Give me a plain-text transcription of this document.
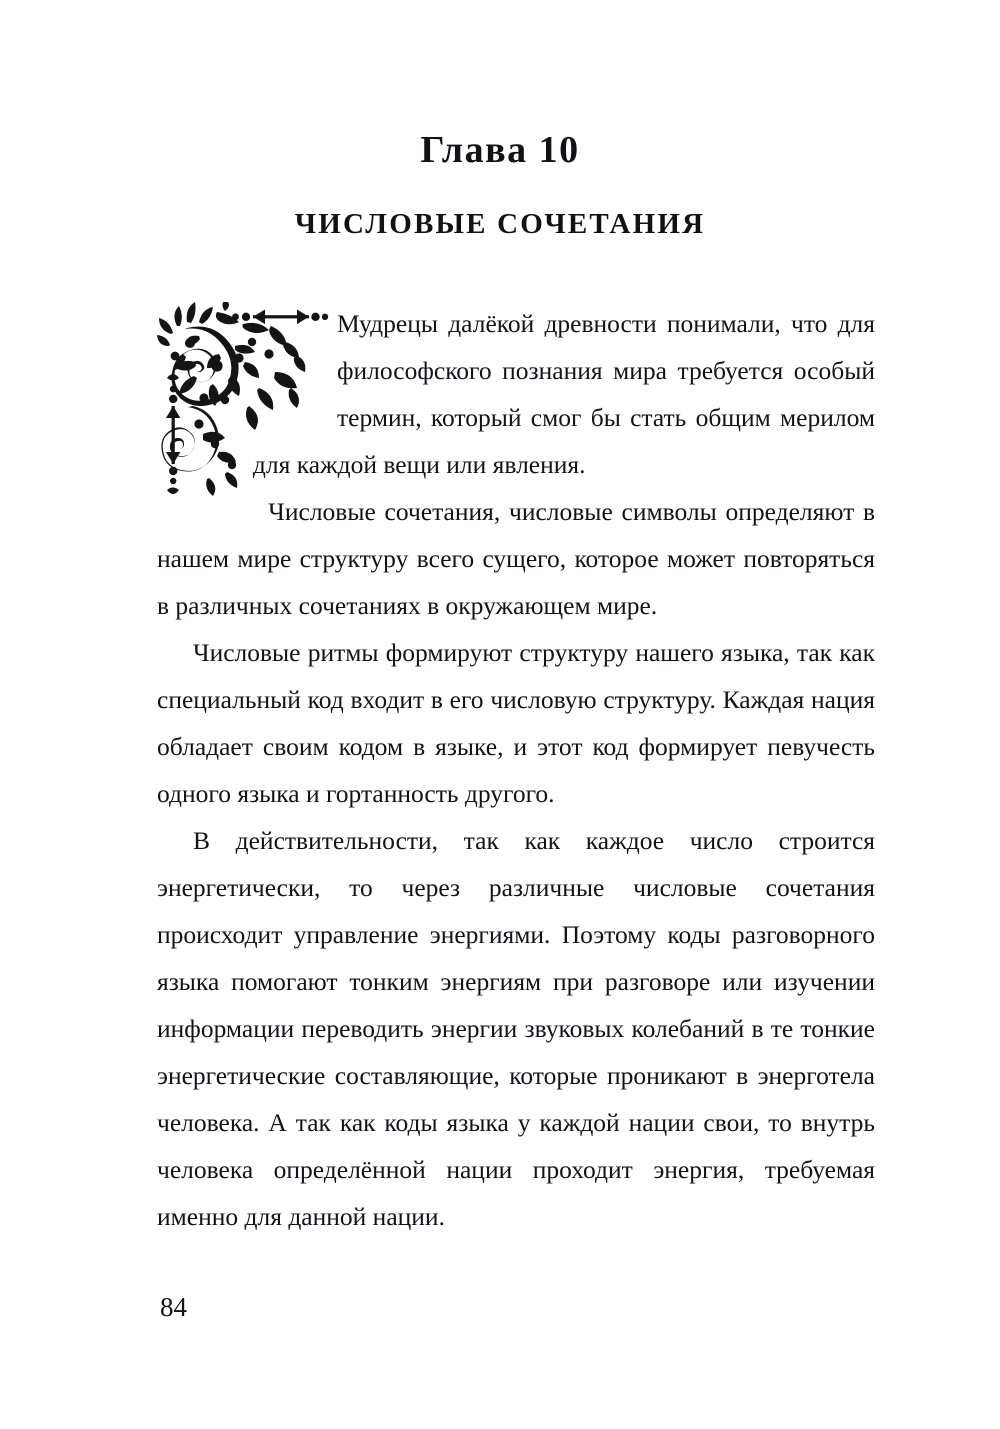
Глава 10
ЧИСЛОВЫЕ СОЧЕТАНИЯ

Мудрецы далёкой древности понимали, что для философского познания мира требуется особый термин, который смог бы стать общим мерилом для каждой вещи или явления.

Числовые сочетания, числовые символы определяют в нашем мире структуру всего сущего, которое может повторяться в различных сочетаниях в окружающем мире.

Числовые ритмы формируют структуру нашего языка, так как специальный код входит в его числовую структуру. Каждая нация обладает своим кодом в языке, и этот код формирует певучесть одного языка и гортанность другого.

В действительности, так как каждое число строится энергетически, то через различные числовые сочетания происходит управление энергиями. Поэтому коды разговорного языка помогают тонким энергиям при разговоре или изучении информации переводить энергии звуковых колебаний в те тонкие энергетические составляющие, которые проникают в энерготела человека. А так как коды языка у каждой нации свои, то внутрь человека определённой нации проходит энергия, требуемая именно для данной нации.

84
